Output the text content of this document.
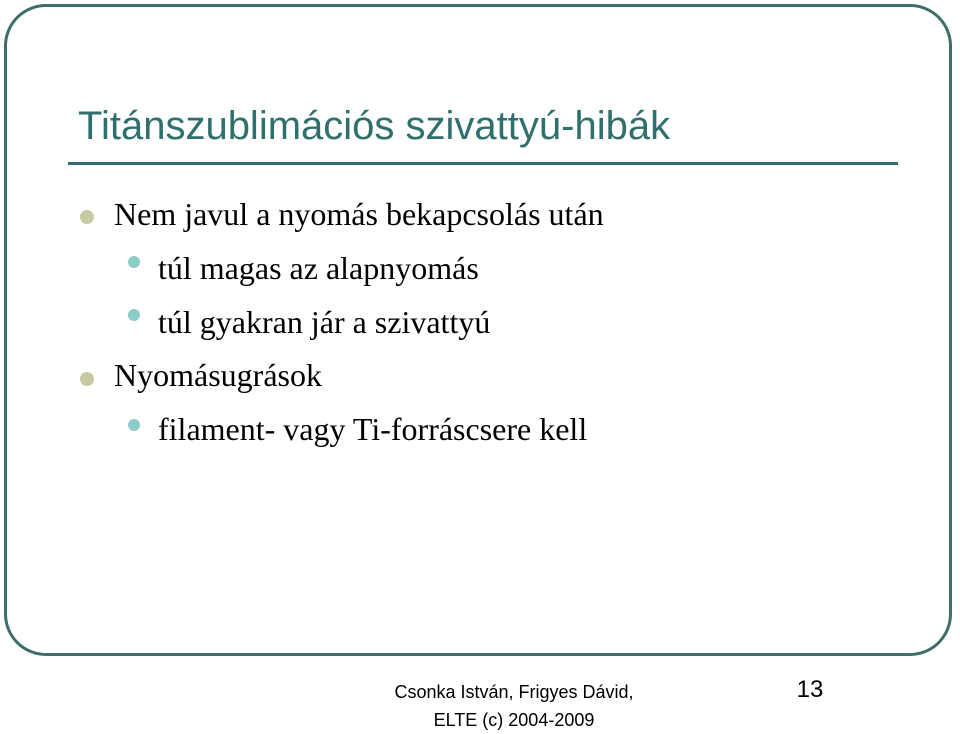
Titánszublimációs szivattyú-hibák
Nem javul a nyomás bekapcsolás után
túl magas az alapnyomás
túl gyakran jár a szivattyú
Nyomásugrások
filament- vagy Ti-forráscsere kell
Csonka István, Frigyes Dávid,
ELTE (c) 2004-2009
13
